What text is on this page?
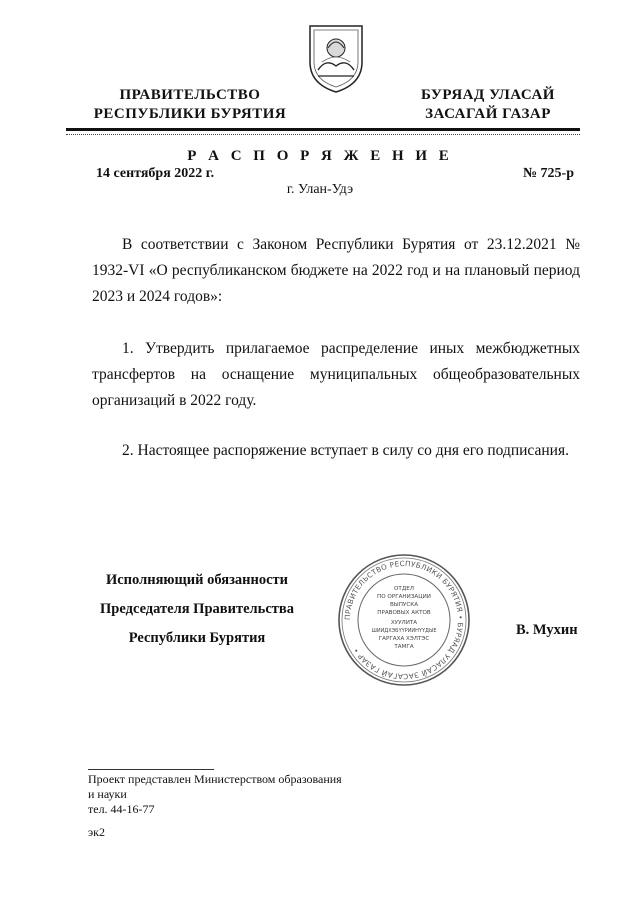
ПРАВИТЕЛЬСТВО
РЕСПУБЛИКИ БУРЯТИЯ
БУРЯАД УЛАСАЙ
ЗАСАГАЙ ГАЗАР
Р А С П О Р Я Ж Е Н И Е
14 сентября 2022 г.	№ 725-р
г. Улан-Удэ
В соответствии с Законом Республики Бурятия от 23.12.2021 № 1932-VI «О республиканском бюджете на 2022 год и на плановый период 2023 и 2024 годов»:
1. Утвердить прилагаемое распределение иных межбюджетных трансфертов на оснащение муниципальных общеобразовательных организаций в 2022 году.
2. Настоящее распоряжение вступает в силу со дня его подписания.
Исполняющий обязанности
Председателя Правительства
Республики Бурятия	В. Мухин
ПРАВИТЕЛЬСТВО РЕСПУБЛИКИ БУРЯТИЯ • БУРЯАД УЛАСАЙ ЗАСАГАЙ ГАЗАР •
ОТДЕЛ
ПО ОРГАНИЗАЦИИ
ВЫПУСКА
ПРАВОВЫХ АКТОВ
ХУУЛИТА
ШИИДХЭБҮҮРИИНҮҮДЫЕ
ГАРГАХА ХЭЛТЭС
ТАМГА
Проект представлен Министерством образования
и науки
тел. 44-16-77
эк2
